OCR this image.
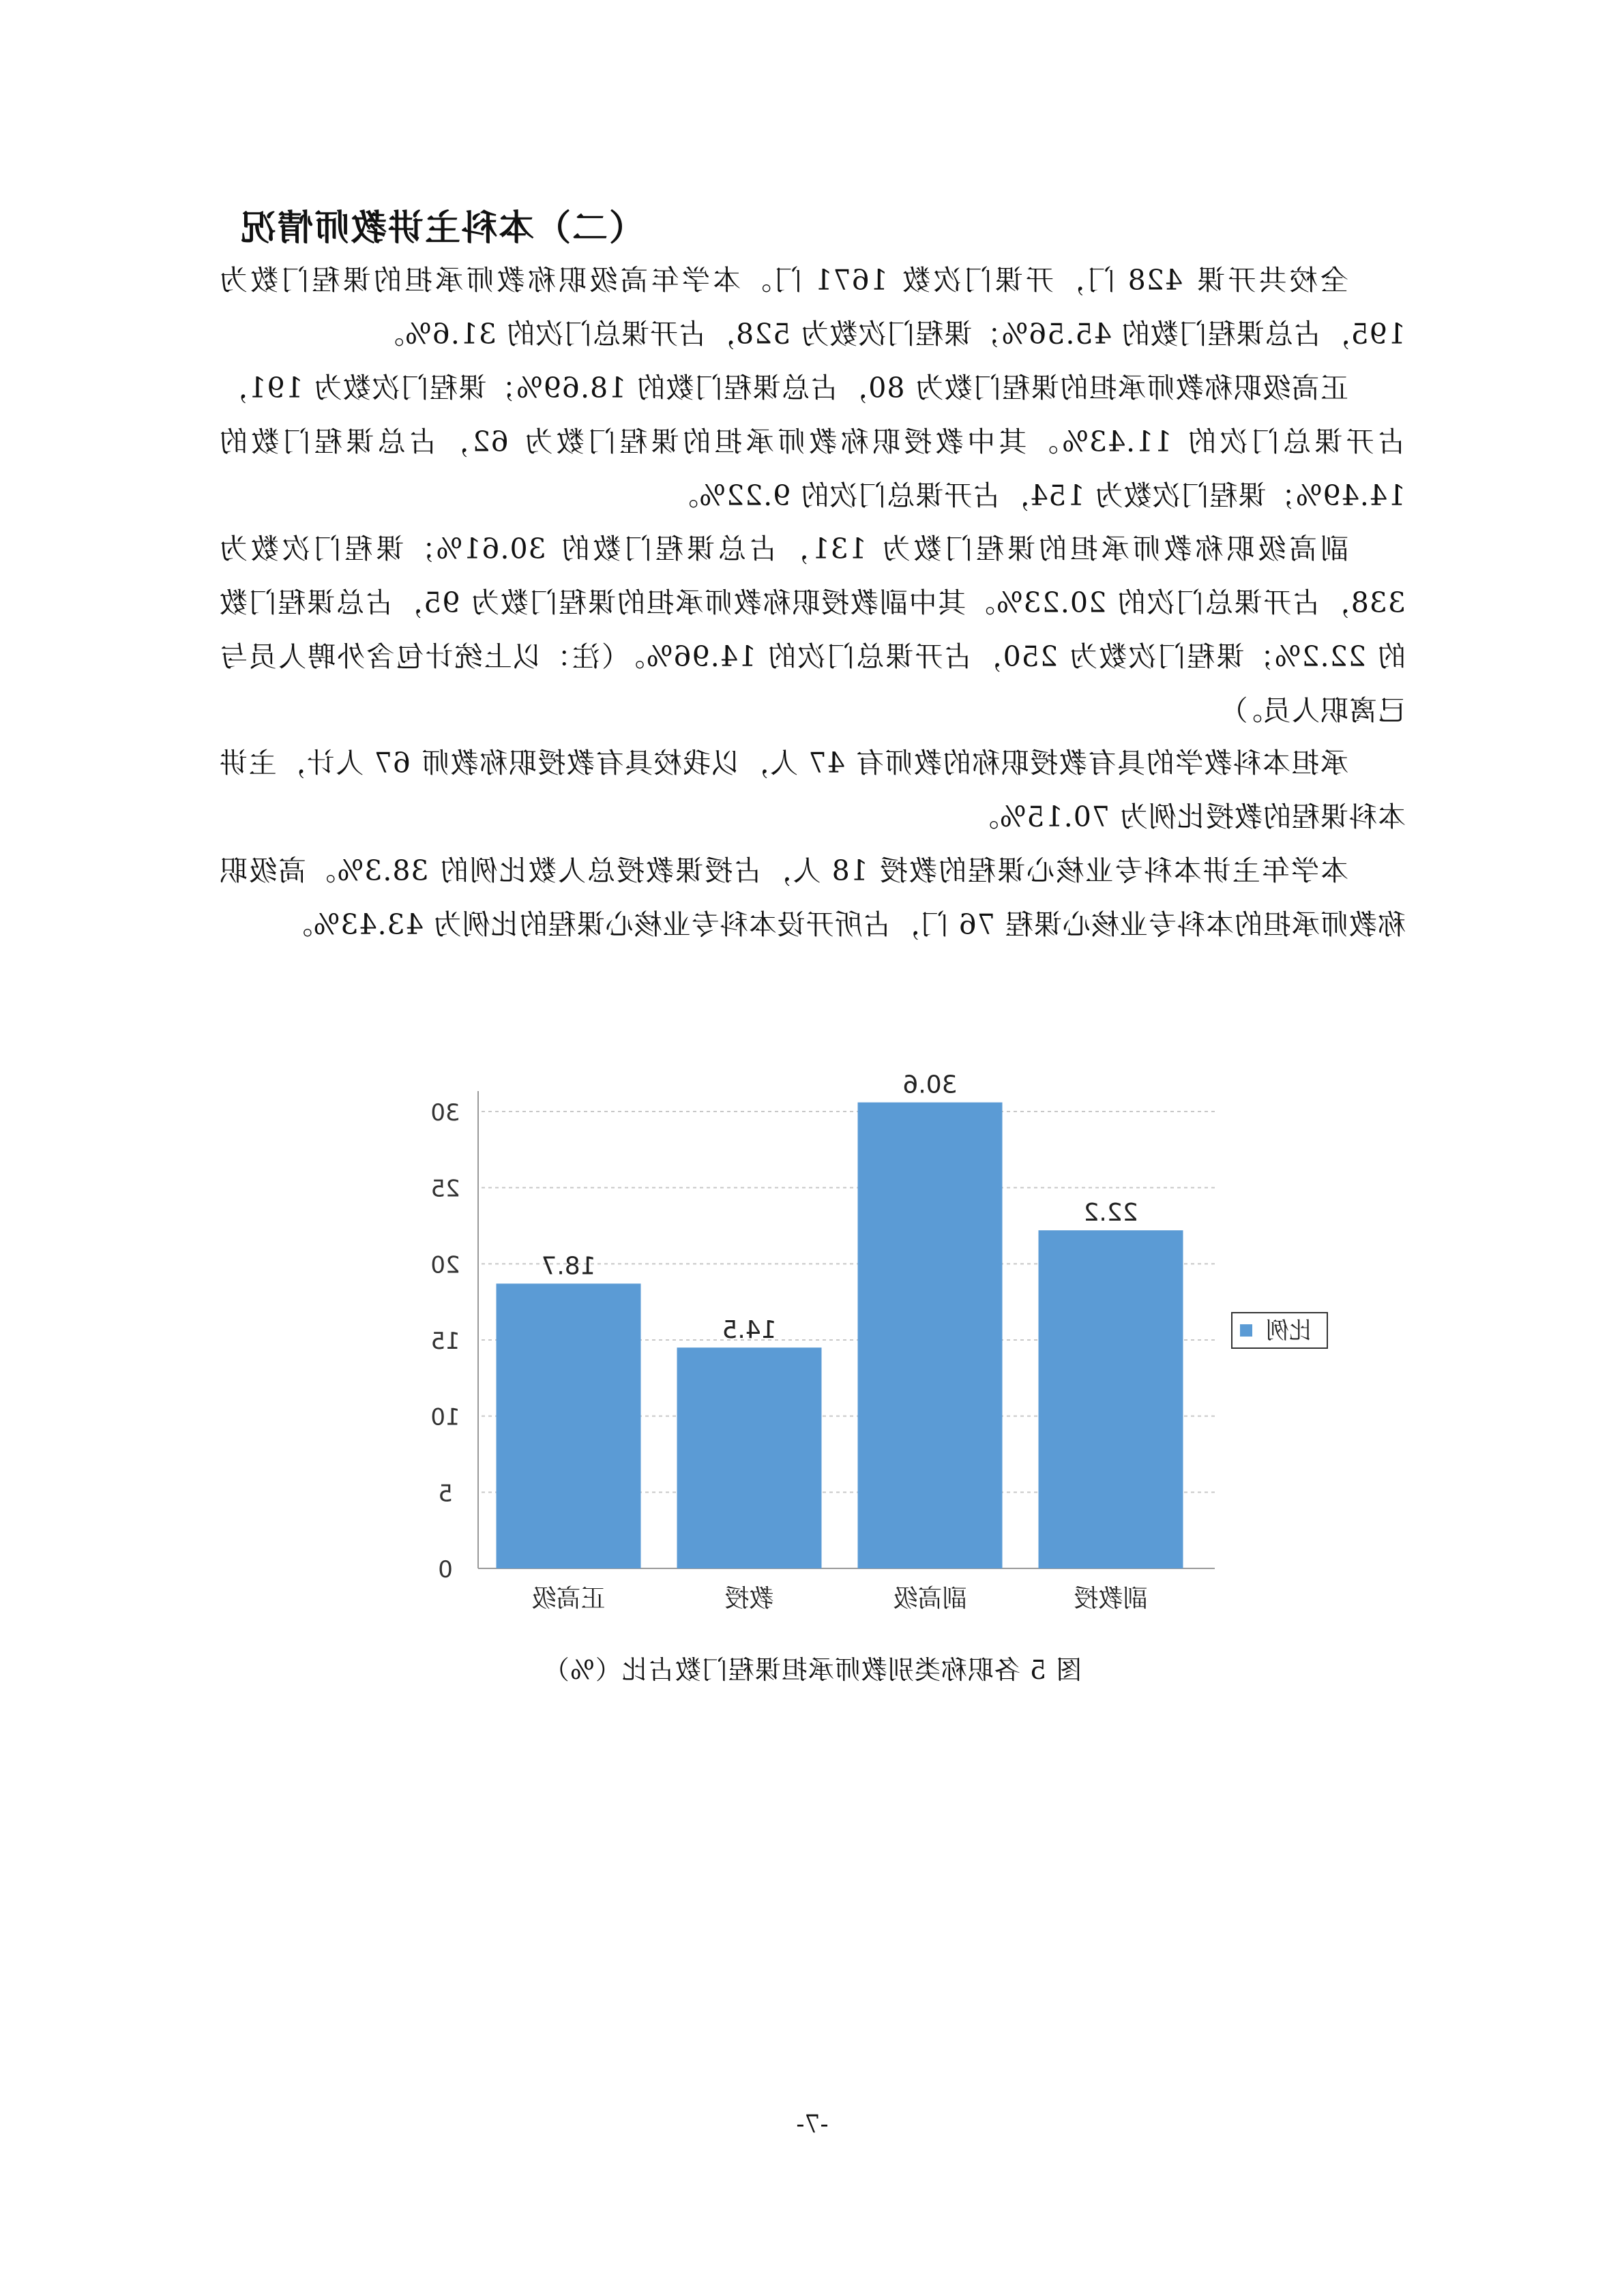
（二）本科主讲教师情况

全校共开课 428 门，开课门次数 1671 门。本学年高级职称教师承担的课程门数为 195，占总课程门数的 45.56%；课程门次数为 528，占开课总门次的 31.6%。

正高级职称教师承担的课程门数为 80，占总课程门数的 18.69%；课程门次数为 191，占开课总门次的 11.43%。其中教授职称教师承担的课程门数为 62，占总课程门数的 14.49%；课程门次数为 154，占开课总门次的 9.22%。

副高级职称教师承担的课程门数为 131，占总课程门数的 30.61%；课程门次数为 338，占开课总门次的 20.23%。其中副教授职称教师承担的课程门数为 95，占总课程门数的 22.2%；课程门次数为 250，占开课总门次的 14.96%。（注：以上统计包含外聘人员与已离职人员。）

承担本科教学的具有教授职称的教师有 47 人，以我校具有教授职称教师 67 人计，主讲本科课程的教授比例为 70.15%。

本学年主讲本科专业核心课程的教授 18 人，占授课教授总人数比例的 38.3%。高级职称教师承担的本科专业核心课程 76 门，占所开设本科专业核心课程的比例为 43.43%。

0
5
10
15
20
25
30
18.7
正高级
14.5
教授
30.6
副高级
22.2
副教授
比例
图 5 各职称类别教师承担课程门数占比（%）
-7-
